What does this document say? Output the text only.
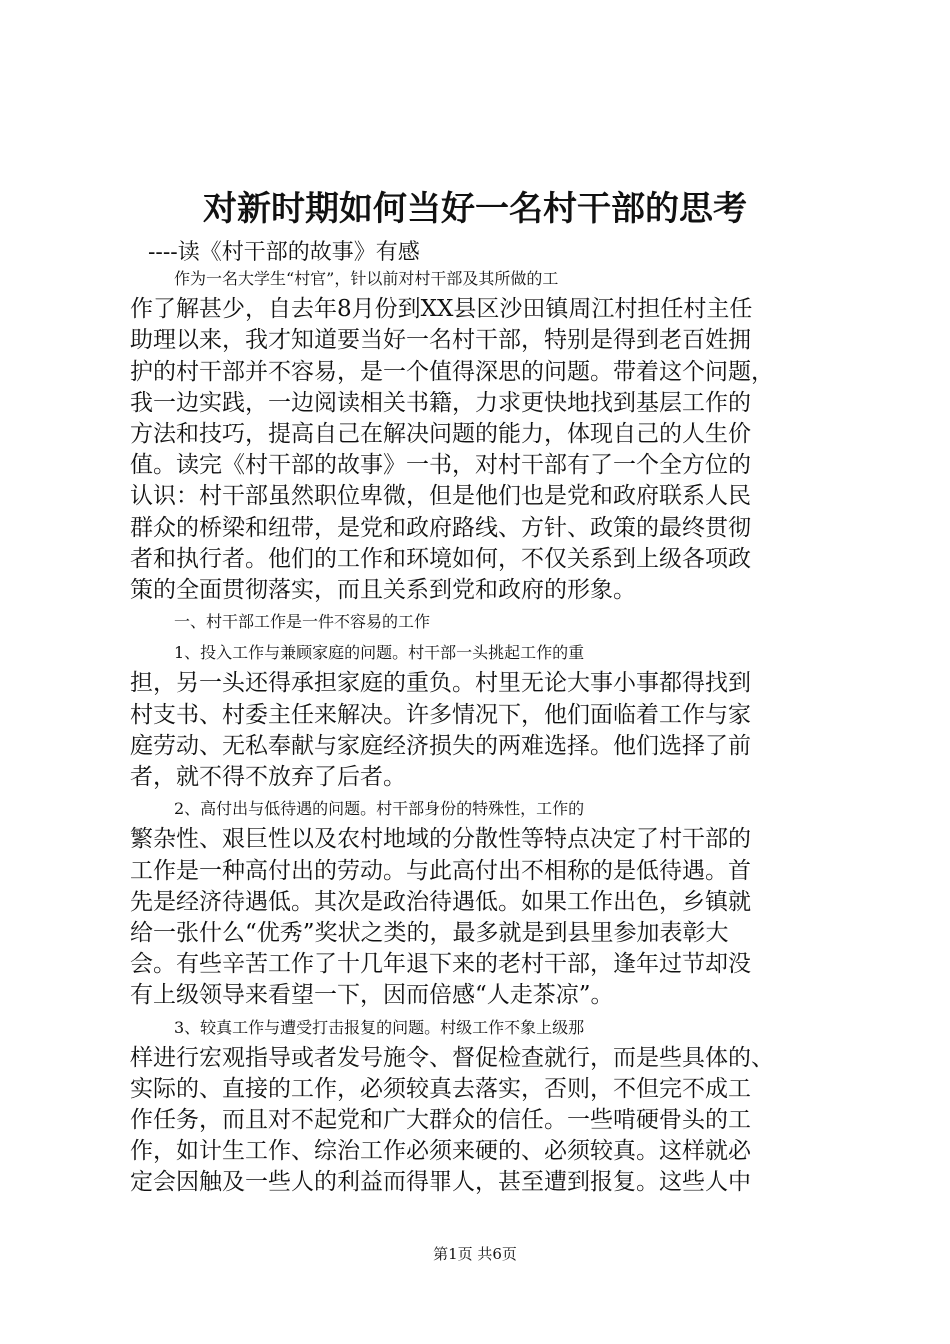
对新时期如何当好一名村干部的思考
----读《村干部的故事》有感
作为一名大学生“村官”，针以前对村干部及其所做的工
作了解甚少，自去年8月份到XX县区沙田镇周江村担任村主任
助理以来，我才知道要当好一名村干部，特别是得到老百姓拥
护的村干部并不容易，是一个值得深思的问题。带着这个问题，
我一边实践，一边阅读相关书籍，力求更快地找到基层工作的
方法和技巧，提高自己在解决问题的能力，体现自己的人生价
值。读完《村干部的故事》一书，对村干部有了一个全方位的
认识：村干部虽然职位卑微，但是他们也是党和政府联系人民
群众的桥梁和纽带，是党和政府路线、方针、政策的最终贯彻
者和执行者。他们的工作和环境如何，不仅关系到上级各项政
策的全面贯彻落实，而且关系到党和政府的形象。
一、村干部工作是一件不容易的工作
1、投入工作与兼顾家庭的问题。村干部一头挑起工作的重
担，另一头还得承担家庭的重负。村里无论大事小事都得找到
村支书、村委主任来解决。许多情况下，他们面临着工作与家
庭劳动、无私奉献与家庭经济损失的两难选择。他们选择了前
者，就不得不放弃了后者。
2、高付出与低待遇的问题。村干部身份的特殊性，工作的
繁杂性、艰巨性以及农村地域的分散性等特点决定了村干部的
工作是一种高付出的劳动。与此高付出不相称的是低待遇。首
先是经济待遇低。其次是政治待遇低。如果工作出色，乡镇就
给一张什么“优秀”奖状之类的，最多就是到县里参加表彰大
会。有些辛苦工作了十几年退下来的老村干部，逢年过节却没
有上级领导来看望一下，因而倍感“人走茶凉”。
3、较真工作与遭受打击报复的问题。村级工作不象上级那
样进行宏观指导或者发号施令、督促检查就行，而是些具体的、
实际的、直接的工作，必须较真去落实，否则，不但完不成工
作任务，而且对不起党和广大群众的信任。一些啃硬骨头的工
作，如计生工作、综治工作必须来硬的、必须较真。这样就必
定会因触及一些人的利益而得罪人，甚至遭到报复。这些人中
第1页 共6页
